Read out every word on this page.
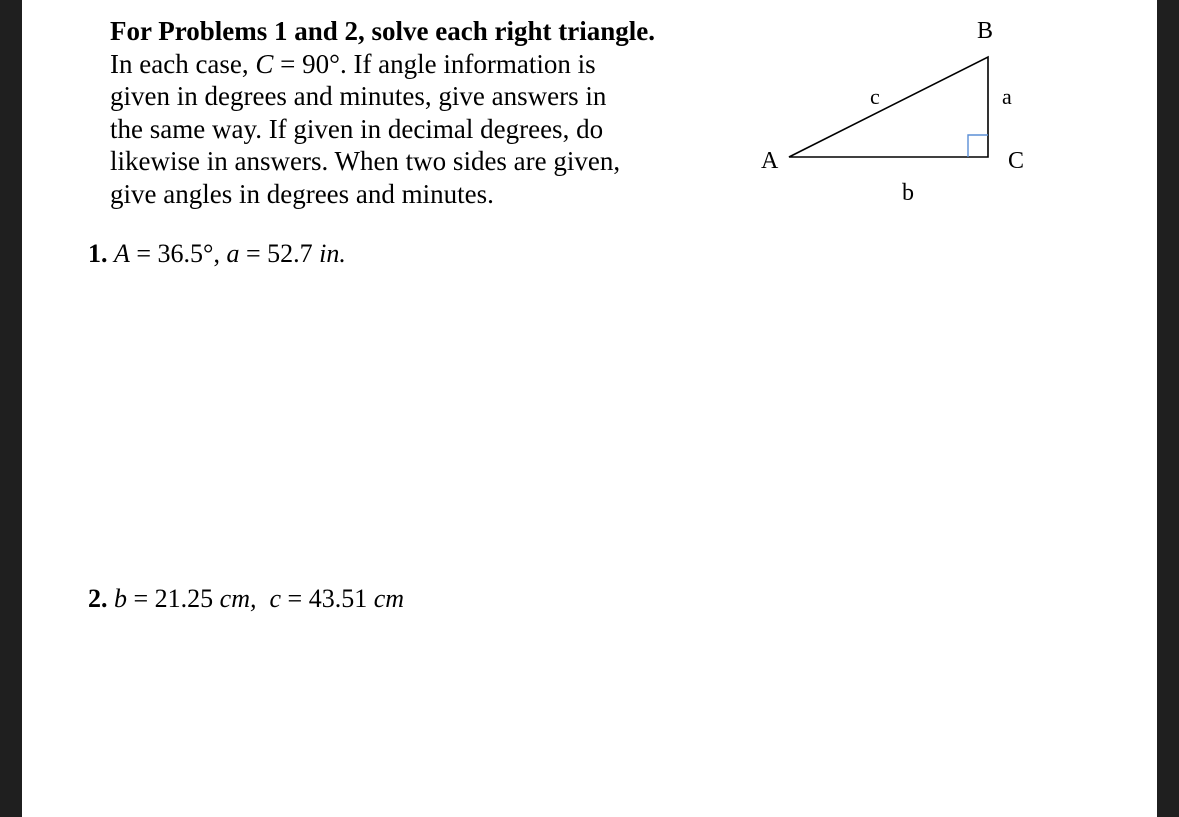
For Problems 1 and 2, solve each right triangle.
In each case, C = 90°. If angle information is
given in degrees and minutes, give answers in
the same way. If given in decimal degrees, do
likewise in answers. When two sides are given,
give angles in degrees and minutes.
A
B
C
a
b
c
1. A = 36.5°, a = 52.7 in.
2. b = 21.25 cm, c = 43.51 cm
